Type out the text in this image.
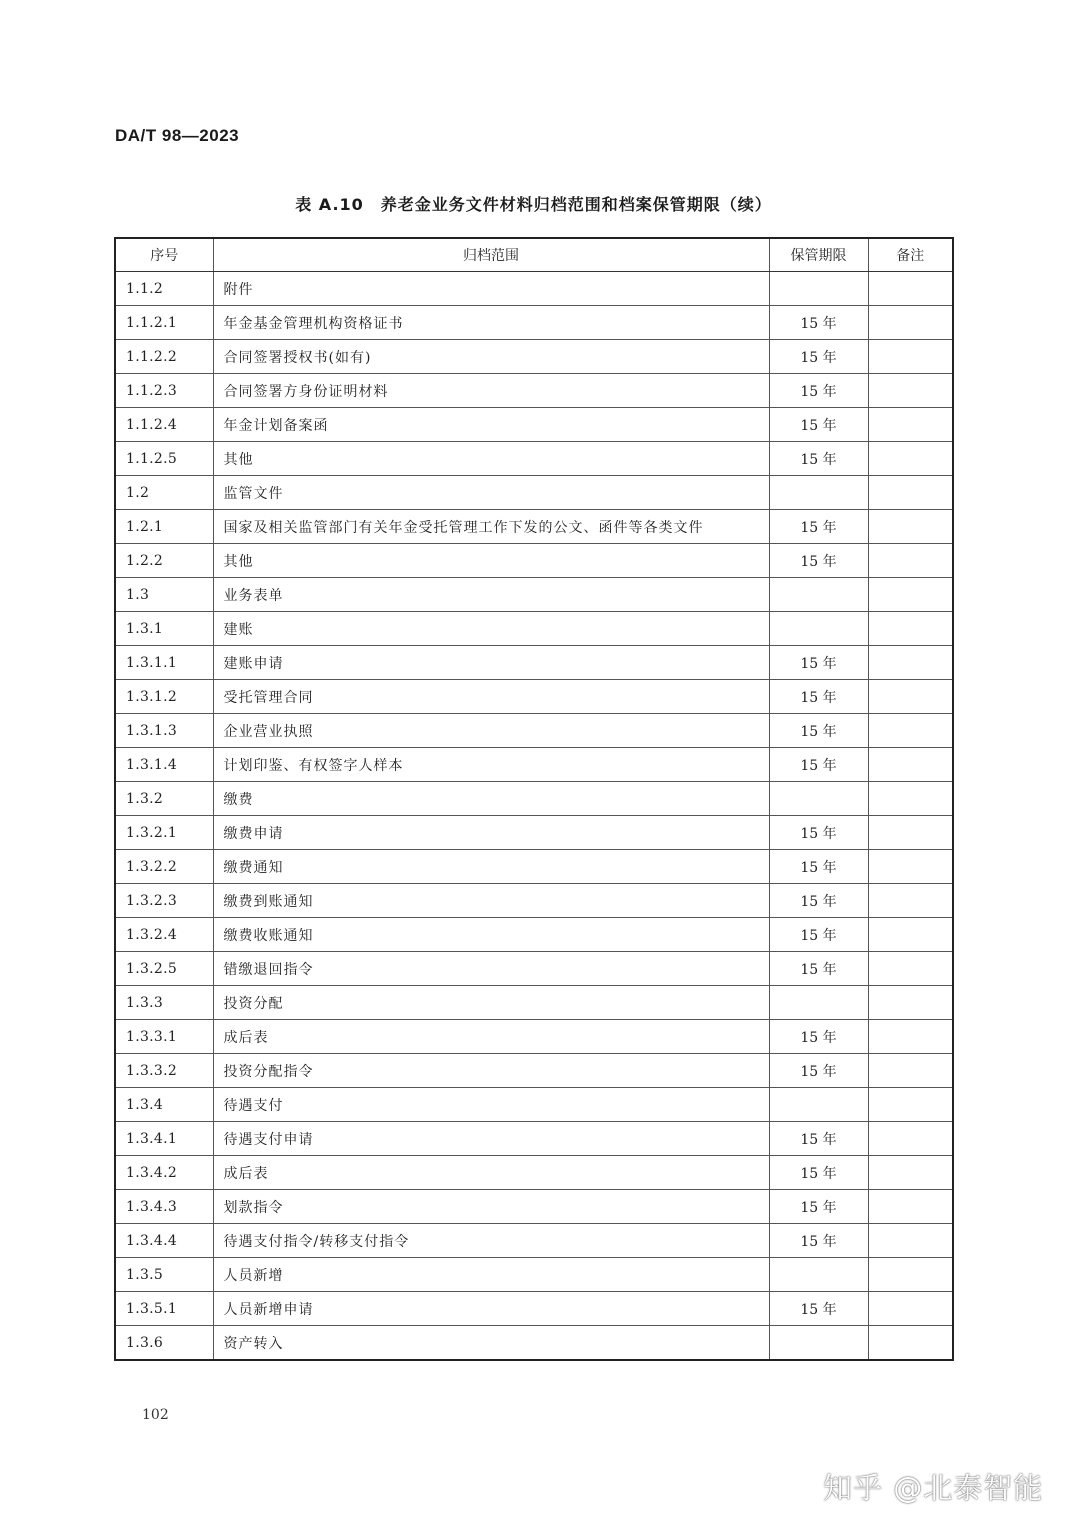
DA/T 98—2023
表 A.10　养老金业务文件材料归档范围和档案保管期限（续）
序号	归档范围	保管期限	备注
1.1.2	附件		
1.1.2.1	年金基金管理机构资格证书	15 年	
1.1.2.2	合同签署授权书(如有)	15 年	
1.1.2.3	合同签署方身份证明材料	15 年	
1.1.2.4	年金计划备案函	15 年	
1.1.2.5	其他	15 年	
1.2	监管文件		
1.2.1	国家及相关监管部门有关年金受托管理工作下发的公文、函件等各类文件	15 年	
1.2.2	其他	15 年	
1.3	业务表单		
1.3.1	建账		
1.3.1.1	建账申请	15 年	
1.3.1.2	受托管理合同	15 年	
1.3.1.3	企业营业执照	15 年	
1.3.1.4	计划印鉴、有权签字人样本	15 年	
1.3.2	缴费		
1.3.2.1	缴费申请	15 年	
1.3.2.2	缴费通知	15 年	
1.3.2.3	缴费到账通知	15 年	
1.3.2.4	缴费收账通知	15 年	
1.3.2.5	错缴退回指令	15 年	
1.3.3	投资分配		
1.3.3.1	成后表	15 年	
1.3.3.2	投资分配指令	15 年	
1.3.4	待遇支付		
1.3.4.1	待遇支付申请	15 年	
1.3.4.2	成后表	15 年	
1.3.4.3	划款指令	15 年	
1.3.4.4	待遇支付指令/转移支付指令	15 年	
1.3.5	人员新增		
1.3.5.1	人员新增申请	15 年	
1.3.6	资产转入		
102
知乎 @北泰智能
